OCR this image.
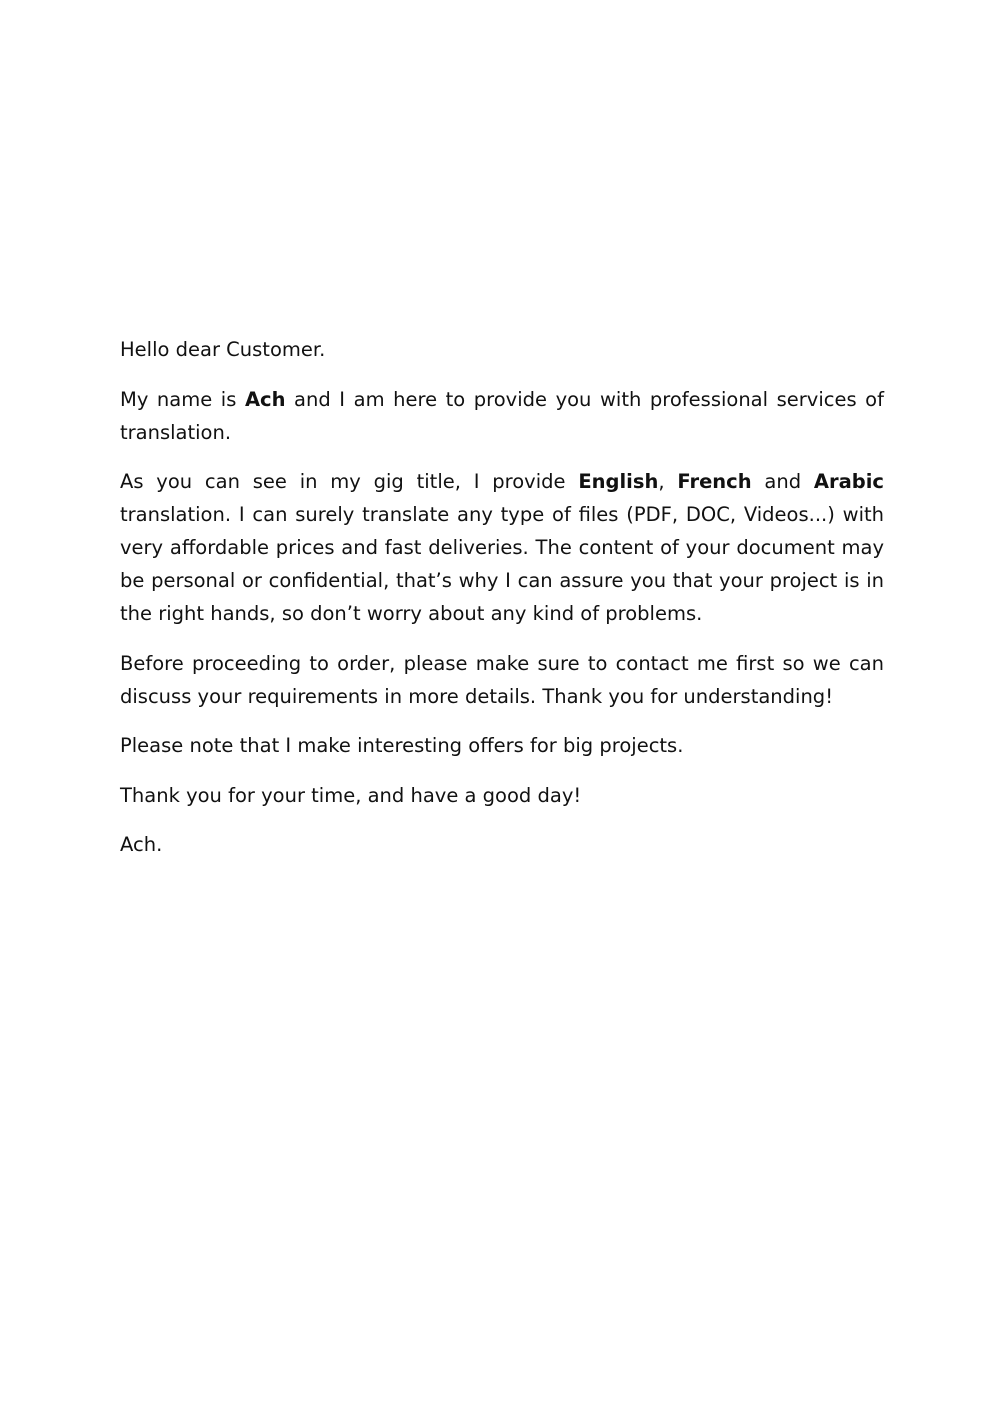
Hello dear Customer.

My name is Ach and I am here to provide you with professional services of translation.

As you can see in my gig title, I provide English, French and Arabic translation. I can surely translate any type of files (PDF, DOC, Videos...) with very affordable prices and fast deliveries. The content of your document may be personal or confidential, that’s why I can assure you that your project is in the right hands, so don’t worry about any kind of problems.

Before proceeding to order, please make sure to contact me first so we can discuss your requirements in more details. Thank you for understanding!

Please note that I make interesting offers for big projects.

Thank you for your time, and have a good day!

Ach.
